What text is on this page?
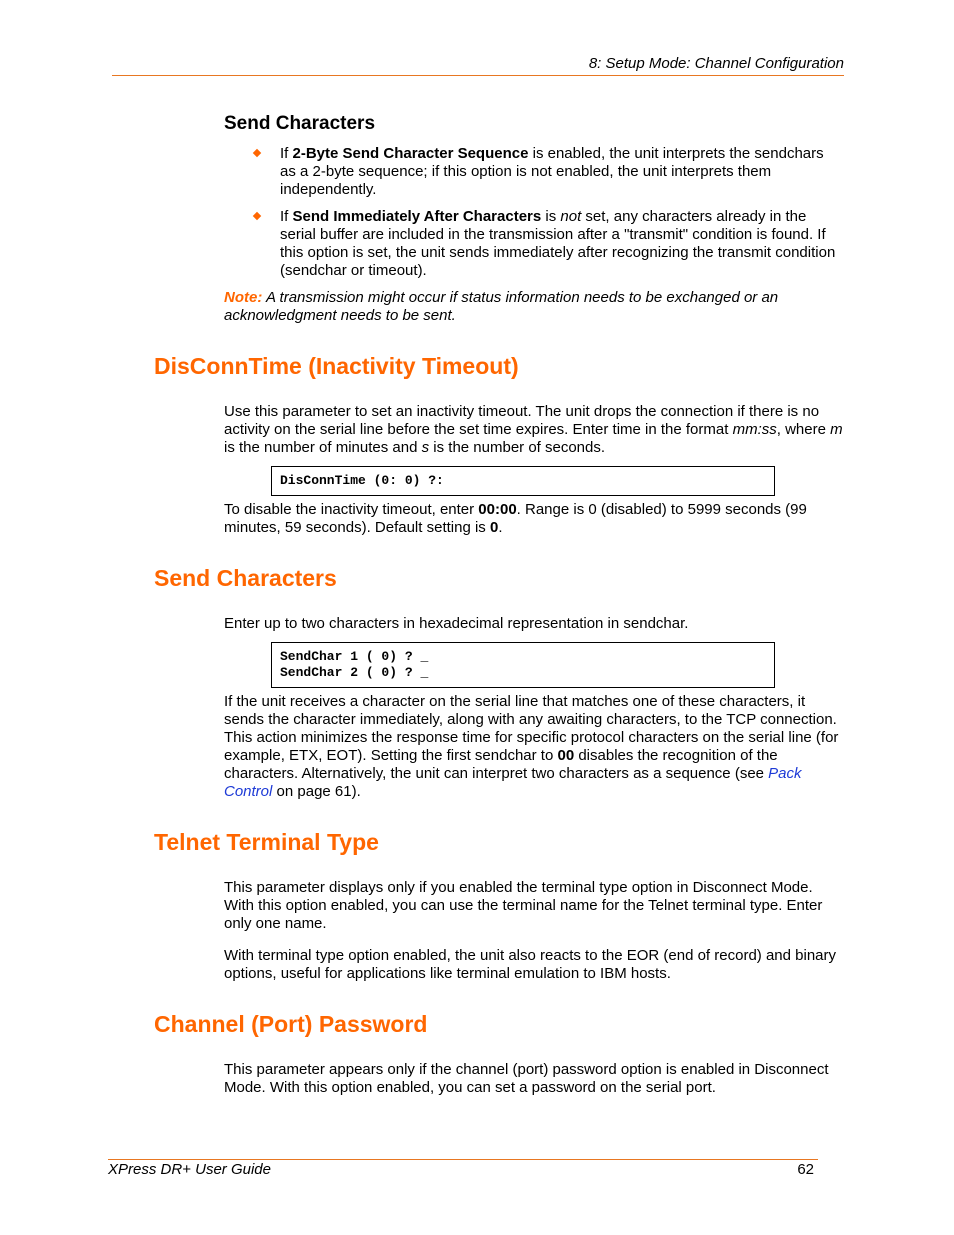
8: Setup Mode: Channel Configuration
Send Characters
If 2-Byte Send Character Sequence is enabled, the unit interprets the sendchars as a 2-byte sequence; if this option is not enabled, the unit interprets them independently.
If Send Immediately After Characters is not set, any characters already in the serial buffer are included in the transmission after a "transmit" condition is found. If this option is set, the unit sends immediately after recognizing the transmit condition (sendchar or timeout).
Note: A transmission might occur if status information needs to be exchanged or an acknowledgment needs to be sent.
DisConnTime (Inactivity Timeout)
Use this parameter to set an inactivity timeout. The unit drops the connection if there is no activity on the serial line before the set time expires. Enter time in the format mm:ss, where m is the number of minutes and s is the number of seconds.
DisConnTime (0: 0) ?:
To disable the inactivity timeout, enter 00:00. Range is 0 (disabled) to 5999 seconds (99 minutes, 59 seconds). Default setting is 0.
Send Characters
Enter up to two characters in hexadecimal representation in sendchar.
SendChar 1 ( 0) ? _
SendChar 2 ( 0) ? _
If the unit receives a character on the serial line that matches one of these characters, it sends the character immediately, along with any awaiting characters, to the TCP connection. This action minimizes the response time for specific protocol characters on the serial line (for example, ETX, EOT). Setting the first sendchar to 00 disables the recognition of the characters. Alternatively, the unit can interpret two characters as a sequence (see Pack Control on page 61).
Telnet Terminal Type
This parameter displays only if you enabled the terminal type option in Disconnect Mode. With this option enabled, you can use the terminal name for the Telnet terminal type. Enter only one name.
With terminal type option enabled, the unit also reacts to the EOR (end of record) and binary options, useful for applications like terminal emulation to IBM hosts.
Channel (Port) Password
This parameter appears only if the channel (port) password option is enabled in Disconnect Mode. With this option enabled, you can set a password on the serial port.
XPress DR+ User Guide	62
